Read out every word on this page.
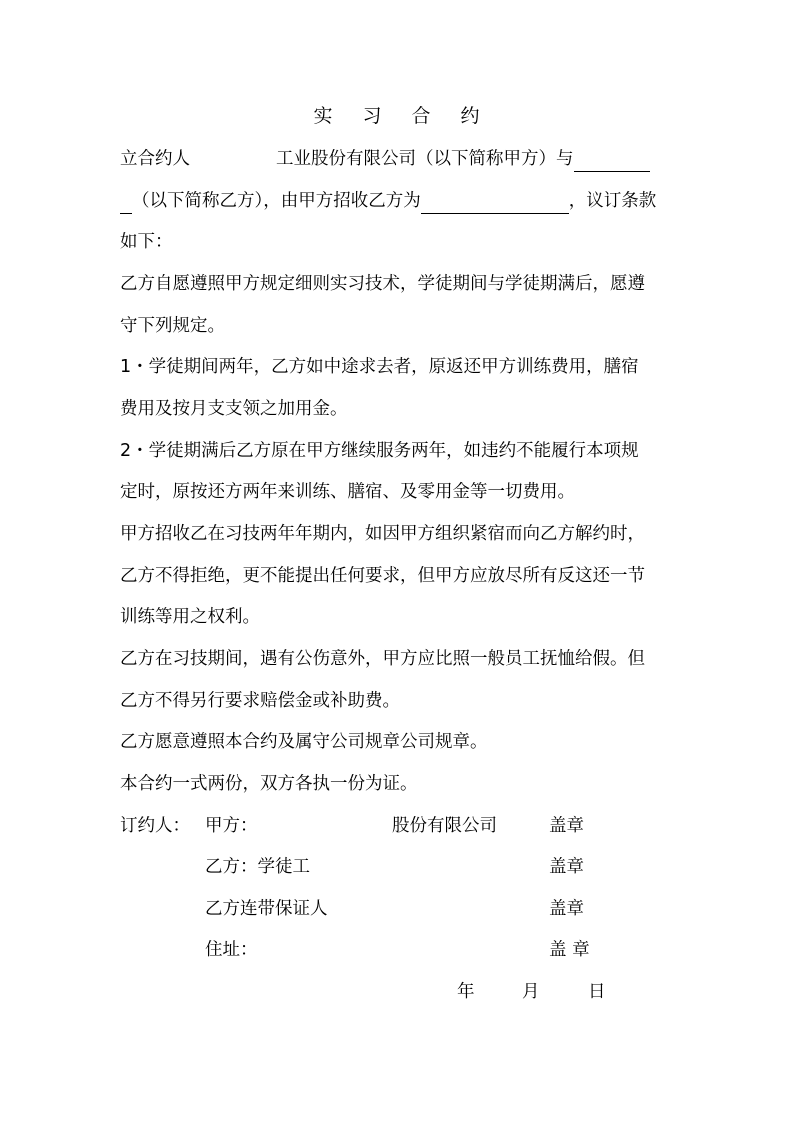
实 习 合 约
立合约人	工业股份有限公司（以下简称甲方）与
（以下简称乙方），由甲方招收乙方为	，议订条款
如下：
乙方自愿遵照甲方规定细则实习技术，学徒期间与学徒期满后，愿遵
守下列规定。
1・学徒期间两年，乙方如中途求去者，原返还甲方训练费用，膳宿
费用及按月支支领之加用金。
2・学徒期满后乙方原在甲方继续服务两年，如违约不能履行本项规
定时，原按还方两年来训练、膳宿、及零用金等一切费用。
甲方招收乙在习技两年年期内，如因甲方组织紧宿而向乙方解约时，
乙方不得拒绝，更不能提出任何要求，但甲方应放尽所有反这还一节
训练等用之权利。
乙方在习技期间，遇有公伤意外，甲方应比照一般员工抚恤给假。但
乙方不得另行要求赔偿金或补助费。
乙方愿意遵照本合约及属守公司规章公司规章。
本合约一式两份，双方各执一份为证。
订约人： 甲方：	股份有限公司	盖章
乙方：学徒工	盖章
乙方连带保证人	盖章
住址：	盖 章
年	月	日
